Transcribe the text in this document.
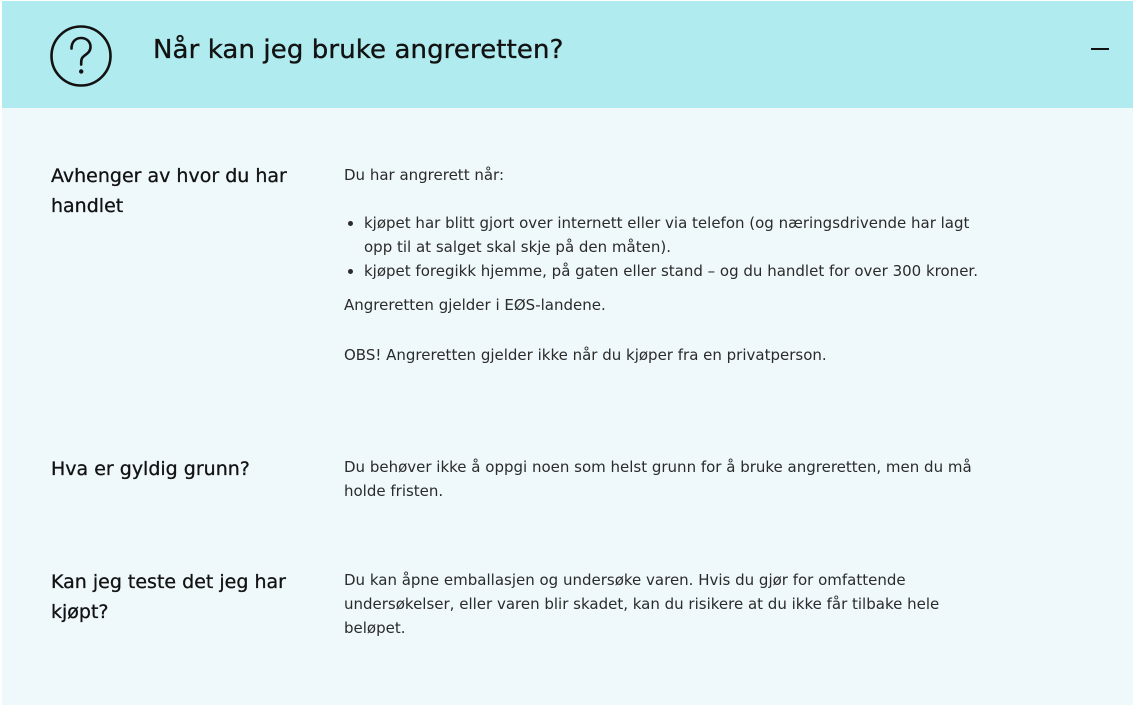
Når kan jeg bruke angreretten?
Avhenger av hvor du har handlet

Du har angrerett når:

• kjøpet har blitt gjort over internett eller via telefon (og næringsdrivende har lagt opp til at salget skal skje på den måten).
• kjøpet foregikk hjemme, på gaten eller stand – og du handlet for over 300 kroner.

Angreretten gjelder i EØS-landene.

OBS! Angreretten gjelder ikke når du kjøper fra en privatperson.

Hva er gyldig grunn?	Du behøver ikke å oppgi noen som helst grunn for å bruke angreretten, men du må holde fristen.
Kan jeg teste det jeg har kjøpt?
Du kan åpne emballasjen og undersøke varen. Hvis du gjør for omfattende undersøkelser, eller varen blir skadet, kan du risikere at du ikke får tilbake hele beløpet.
